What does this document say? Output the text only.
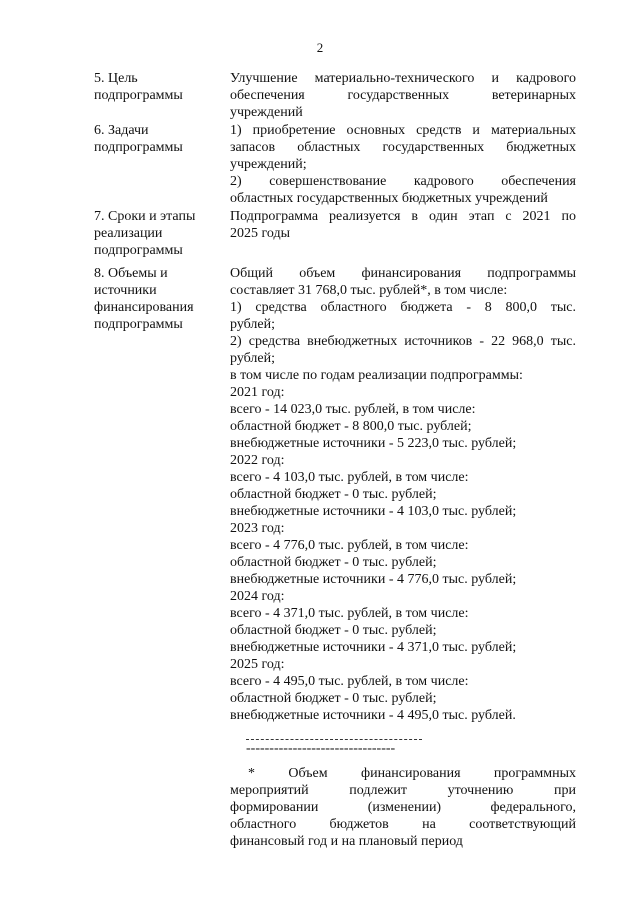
2
5. Цель
подпрограммы
Улучшение материально-технического и кадрового
обеспечения государственных ветеринарных
учреждений
6. Задачи
подпрограммы
1) приобретение основных средств и материальных
запасов областных государственных бюджетных
учреждений;
2) совершенствование кадрового обеспечения
областных государственных бюджетных учреждений
7. Сроки и этапы
реализации
подпрограммы
Подпрограмма реализуется в один этап с 2021 по
2025 годы
8. Объемы и
источники
финансирования
подпрограммы
Общий объем финансирования подпрограммы
составляет 31 768,0 тыс. рублей*, в том числе:
1) средства областного бюджета - 8 800,0 тыс.
рублей;
2) средства внебюджетных источников - 22 968,0 тыс.
рублей;
в том числе по годам реализации подпрограммы:
2021 год:
всего - 14 023,0 тыс. рублей, в том числе:
областной бюджет - 8 800,0 тыс. рублей;
внебюджетные источники - 5 223,0 тыс. рублей;
2022 год:
всего - 4 103,0 тыс. рублей, в том числе:
областной бюджет - 0 тыс. рублей;
внебюджетные источники - 4 103,0 тыс. рублей;
2023 год:
всего - 4 776,0 тыс. рублей, в том числе:
областной бюджет - 0 тыс. рублей;
внебюджетные источники - 4 776,0 тыс. рублей;
2024 год:
всего - 4 371,0 тыс. рублей, в том числе:
областной бюджет - 0 тыс. рублей;
внебюджетные источники - 4 371,0 тыс. рублей;
2025 год:
всего - 4 495,0 тыс. рублей, в том числе:
областной бюджет - 0 тыс. рублей;
внебюджетные источники - 4 495,0 тыс. рублей.
--------------------------------
* Объем финансирования программных
мероприятий подлежит уточнению при
формировании (изменении) федерального,
областного бюджетов на соответствующий
финансовый год и на плановый период
